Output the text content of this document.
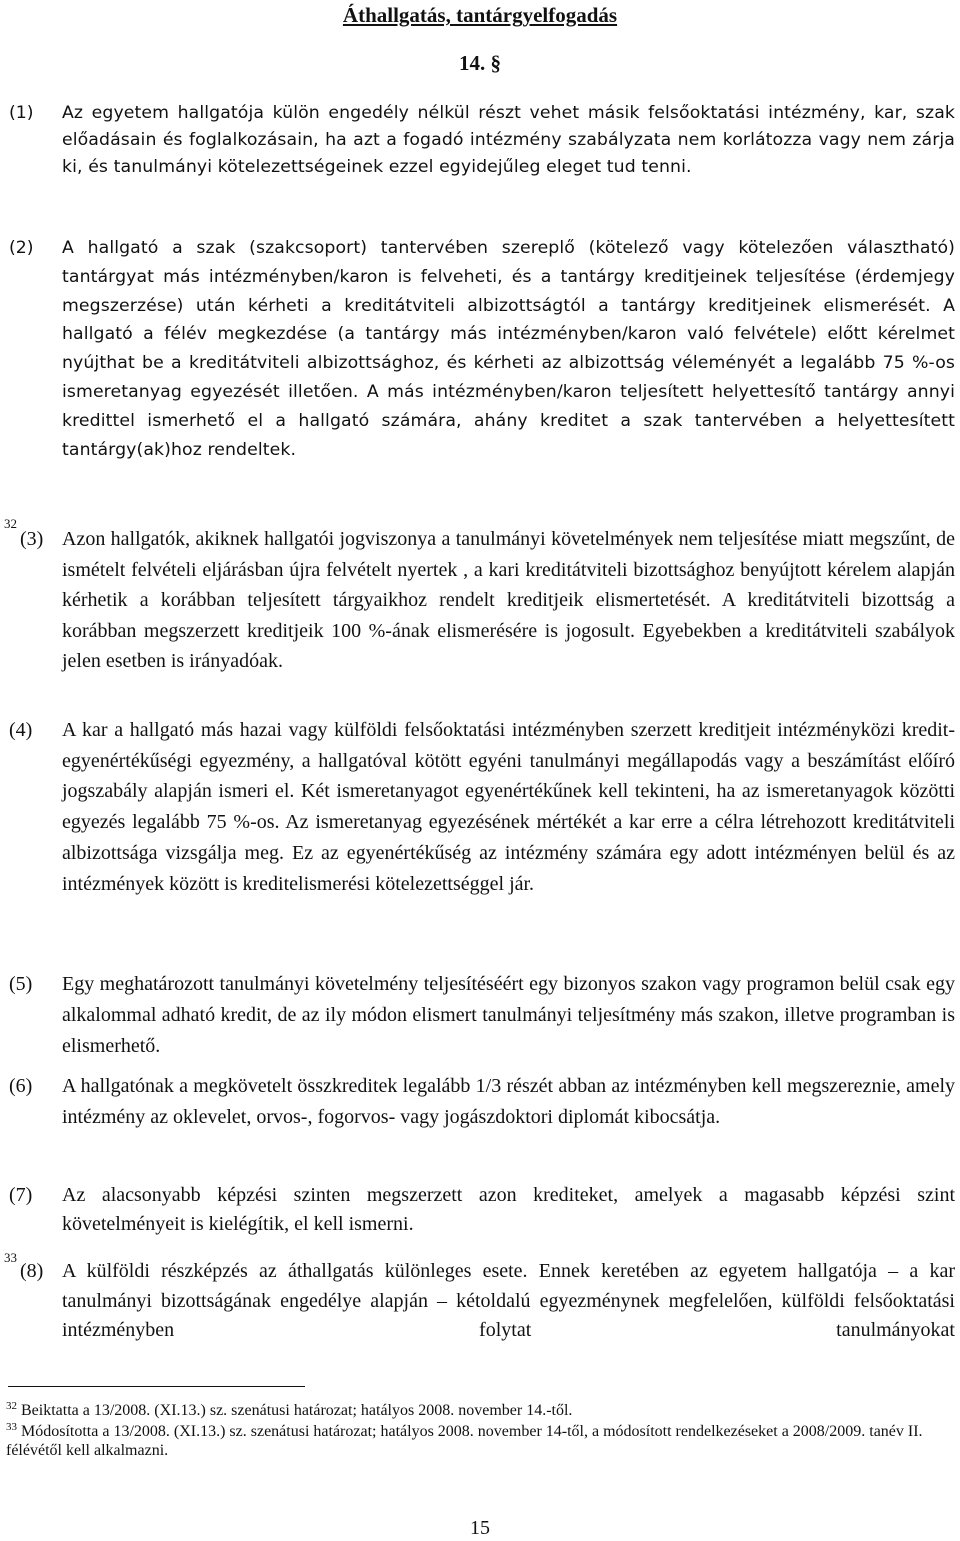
Áthallgatás, tantárgyelfogadás
14. §
(1) Az egyetem hallgatója külön engedély nélkül részt vehet másik felsőoktatási intézmény, kar, szak előadásain és foglalkozásain, ha azt a fogadó intézmény szabályzata nem korlátozza vagy nem zárja ki, és tanulmányi kötelezettségeinek ezzel egyidejűleg eleget tud tenni.
(2) A hallgató a szak (szakcsoport) tantervében szereplő (kötelező vagy kötelezően választható) tantárgyat más intézményben/karon is felveheti, és a tantárgy kreditjeinek teljesítése (érdemjegy megszerzése) után kérheti a kreditátviteli albizottságtól a tantárgy kreditjeinek elismerését. A hallgató a félév megkezdése (a tantárgy más intézményben/karon való felvétele) előtt kérelmet nyújthat be a kreditátviteli albizottsághoz, és kérheti az albizottság véleményét a legalább 75 %-os ismeretanyag egyezését illetően. A más intézményben/karon teljesített helyettesítő tantárgy annyi kredittel ismerhető el a hallgató számára, ahány kreditet a szak tantervében a helyettesített tantárgy(ak)hoz rendeltek.
32
(3) Azon hallgatók, akiknek hallgatói jogviszonya a tanulmányi követelmények nem teljesítése miatt megszűnt, de ismételt felvételi eljárásban újra felvételt nyertek , a kari kreditátviteli bizottsághoz benyújtott kérelem alapján kérhetik a korábban teljesített tárgyaikhoz rendelt kreditjeik elismertetését. A kreditátviteli bizottság a korábban megszerzett kreditjeik 100 %-ának elismerésére is jogosult. Egyebekben a kreditátviteli szabályok jelen esetben is irányadóak.
(4) A kar a hallgató más hazai vagy külföldi felsőoktatási intézményben szerzett kreditjeit intézményközi kredit-egyenértékűségi egyezmény, a hallgatóval kötött egyéni tanulmányi megállapodás vagy a beszámítást előíró jogszabály alapján ismeri el. Két ismeretanyagot egyenértékűnek kell tekinteni, ha az ismeretanyagok közötti egyezés legalább 75 %-os. Az ismeretanyag egyezésének mértékét a kar erre a célra létrehozott kreditátviteli albizottsága vizsgálja meg. Ez az egyenértékűség az intézmény számára egy adott intézményen belül és az intézmények között is kreditelismerési kötelezettséggel jár.
(5) Egy meghatározott tanulmányi követelmény teljesítéséért egy bizonyos szakon vagy programon belül csak egy alkalommal adható kredit, de az ily módon elismert tanulmányi teljesítmény más szakon, illetve programban is elismerhető.
(6) A hallgatónak a megkövetelt összkreditek legalább 1/3 részét abban az intézményben kell megszereznie, amely intézmény az oklevelet, orvos-, fogorvos- vagy jogászdoktori diplomát kibocsátja.
(7) Az alacsonyabb képzési szinten megszerzett azon krediteket, amelyek a magasabb képzési szint követelményeit is kielégítik, el kell ismerni.
33
(8) A külföldi részképzés az áthallgatás különleges esete. Ennek keretében az egyetem hallgatója – a kar tanulmányi bizottságának engedélye alapján – kétoldalú egyezménynek megfelelően, külföldi felsőoktatási intézményben folytat tanulmányokat
$^{32}$ Beiktatta a 13/2008. (XI.13.) sz. szenátusi határozat; hatályos 2008. november 14.-től.
$^{33}$ Módosította a 13/2008. (XI.13.) sz. szenátusi határozat; hatályos 2008. november 14-től, a módosított rendelkezéseket a 2008/2009. tanév II. félévétől kell alkalmazni.
15
